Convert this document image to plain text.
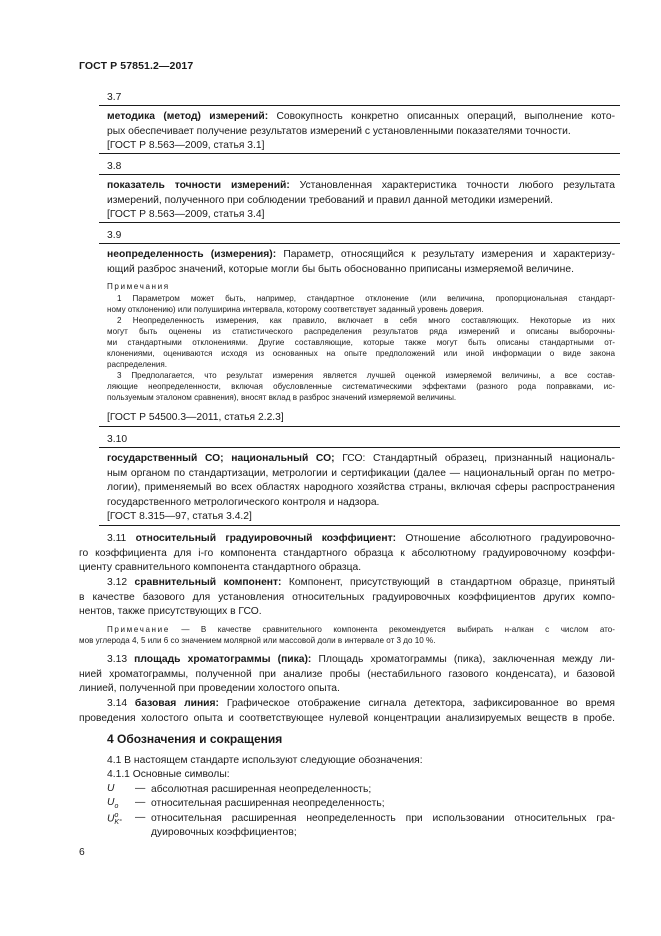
ГОСТ Р 57851.2—2017
3.7
методика (метод) измерений: Совокупность конкретно описанных операций, выполнение кото-
рых обеспечивает получение результатов измерений с установленными показателями точности.
[ГОСТ Р 8.563—2009, статья 3.1]
3.8
показатель точности измерений: Установленная характеристика точности любого результата
измерений, полученного при соблюдении требований и правил данной методики измерений.
[ГОСТ Р 8.563—2009, статья 3.4]
3.9
неопределенность (измерения): Параметр, относящийся к результату измерения и характеризу-
ющий разброс значений, которые могли бы быть обоснованно приписаны измеряемой величине.
Примечания
1 Параметром может быть, например, стандартное отклонение (или величина, пропорциональная стандарт-
ному отклонению) или полуширина интервала, которому соответствует заданный уровень доверия.
2 Неопределенность измерения, как правило, включает в себя много составляющих. Некоторые из них
могут быть оценены из статистического распределения результатов ряда измерений и описаны выборочны-
ми стандартными отклонениями. Другие составляющие, которые также могут быть описаны стандартными от-
клонениями, оцениваются исходя из основанных на опыте предположений или иной информации о виде закона
распределения.
3 Предполагается, что результат измерения является лучшей оценкой измеряемой величины, а все состав-
ляющие неопределенности, включая обусловленные систематическими эффектами (разного рода поправками, ис-
пользуемым эталоном сравнения), вносят вклад в разброс значений измеряемой величины.
[ГОСТ Р 54500.3—2011, статья 2.2.3]
3.10
государственный СО; национальный СО; ГСО: Стандартный образец, признанный националь-
ным органом по стандартизации, метрологии и сертификации (далее — национальный орган по метро-
логии), применяемый во всех областях народного хозяйства страны, включая сферы распространения
государственного метрологического контроля и надзора.
[ГОСТ 8.315—97, статья 3.4.2]
3.11 относительный градуировочный коэффициент: Отношение абсолютного градуировочно-
го коэффициента для i-го компонента стандартного образца к абсолютному градуировочному коэффи-
циенту сравнительного компонента стандартного образца.
3.12 сравнительный компонент: Компонент, присутствующий в стандартном образце, принятый
в качестве базового для установления относительных градуировочных коэффициентов других компо-
нентов, также присутствующих в ГСО.
Примечание — В качестве сравнительного компонента рекомендуется выбирать н-алкан с числом ато-
мов углерода 4, 5 или 6 со значением молярной или массовой доли в интервале от 3 до 10 %.
3.13 площадь хроматограммы (пика): Площадь хроматограммы (пика), заключенная между ли-
нией хроматограммы, полученной при анализе пробы (нестабильного газового конденсата), и базовой
линией, полученной при проведении холостого опыта.
3.14 базовая линия: Графическое отображение сигнала детектора, зафиксированное во время
проведения холостого опыта и соответствующее нулевой концентрации анализируемых веществ в пробе.
4 Обозначения и сокращения
4.1 В настоящем стандарте используют следующие обозначения:
4.1.1 Основные символы:
U — абсолютная расширенная неопределенность;
$U_o$ — относительная расширенная неопределенность;
$U^o_{K^\circ}$ — относительная расширенная неопределенность при использовании относительных гра-
дуировочных коэффициентов;
6
